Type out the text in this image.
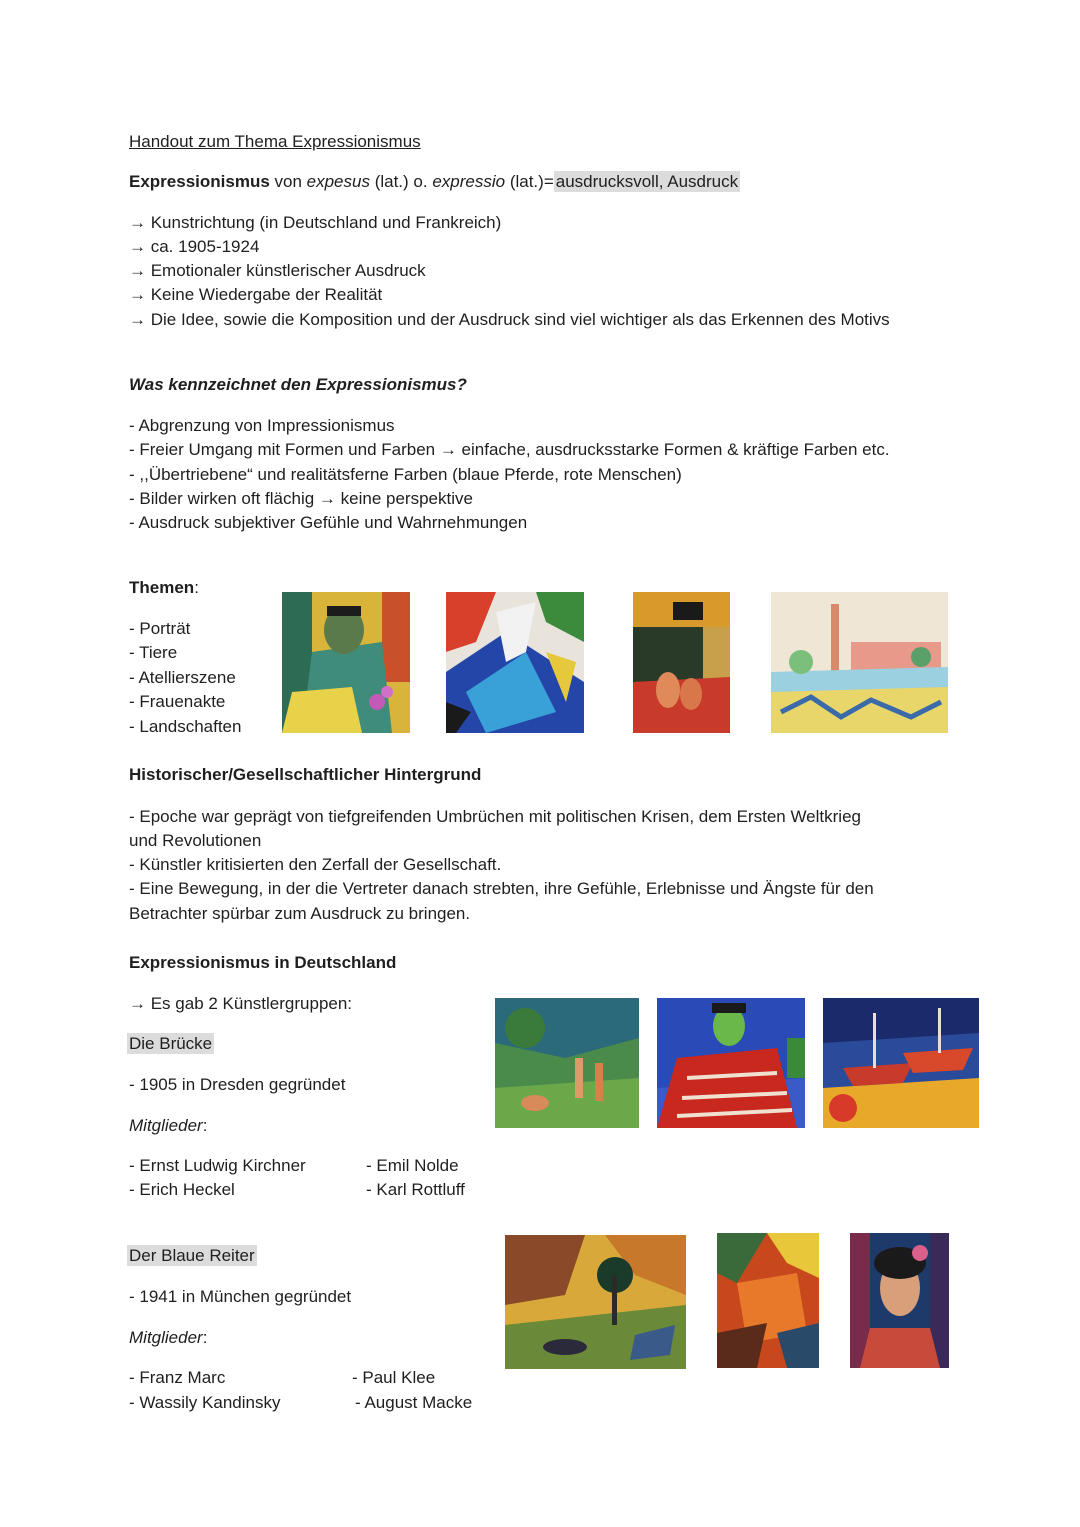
Handout zum Thema Expressionismus
Expressionismus von expesus (lat.) o. expressio (lat.)= ausdrucksvoll, Ausdruck
→ Kunstrichtung (in Deutschland und Frankreich)
→ ca. 1905-1924
→ Emotionaler künstlerischer Ausdruck
→ Keine Wiedergabe der Realität
→ Die Idee, sowie die Komposition und der Ausdruck sind viel wichtiger als das Erkennen des Motivs
Was kennzeichnet den Expressionismus?
- Abgrenzung von Impressionismus
- Freier Umgang mit Formen und Farben → einfache, ausdrucksstarke Formen & kräftige Farben etc.
- ,,Übertriebene“ und realitätsferne Farben (blaue Pferde, rote Menschen)
- Bilder wirken oft flächig → keine perspektive
- Ausdruck subjektiver Gefühle und Wahrnehmungen
Themen:
- Porträt
- Tiere
- Atellierszene
- Frauenakte
- Landschaften
Historischer/Gesellschaftlicher Hintergrund
- Epoche war geprägt von tiefgreifenden Umbrüchen mit politischen Krisen, dem Ersten Weltkrieg
und Revolutionen
- Künstler kritisierten den Zerfall der Gesellschaft.
- Eine Bewegung, in der die Vertreter danach strebten, ihre Gefühle, Erlebnisse und Ängste für den
Betrachter spürbar zum Ausdruck zu bringen.
Expressionismus in Deutschland
→ Es gab 2 Künstlergruppen:
Die Brücke
- 1905 in Dresden gegründet
Mitglieder:
- Ernst Ludwig Kirchner
- Erich Heckel
- Emil Nolde
- Karl Rottluff
Der Blaue Reiter
- 1941 in München gegründet
Mitglieder:
- Franz Marc
- Wassily Kandinsky
- Paul Klee
- August Macke
